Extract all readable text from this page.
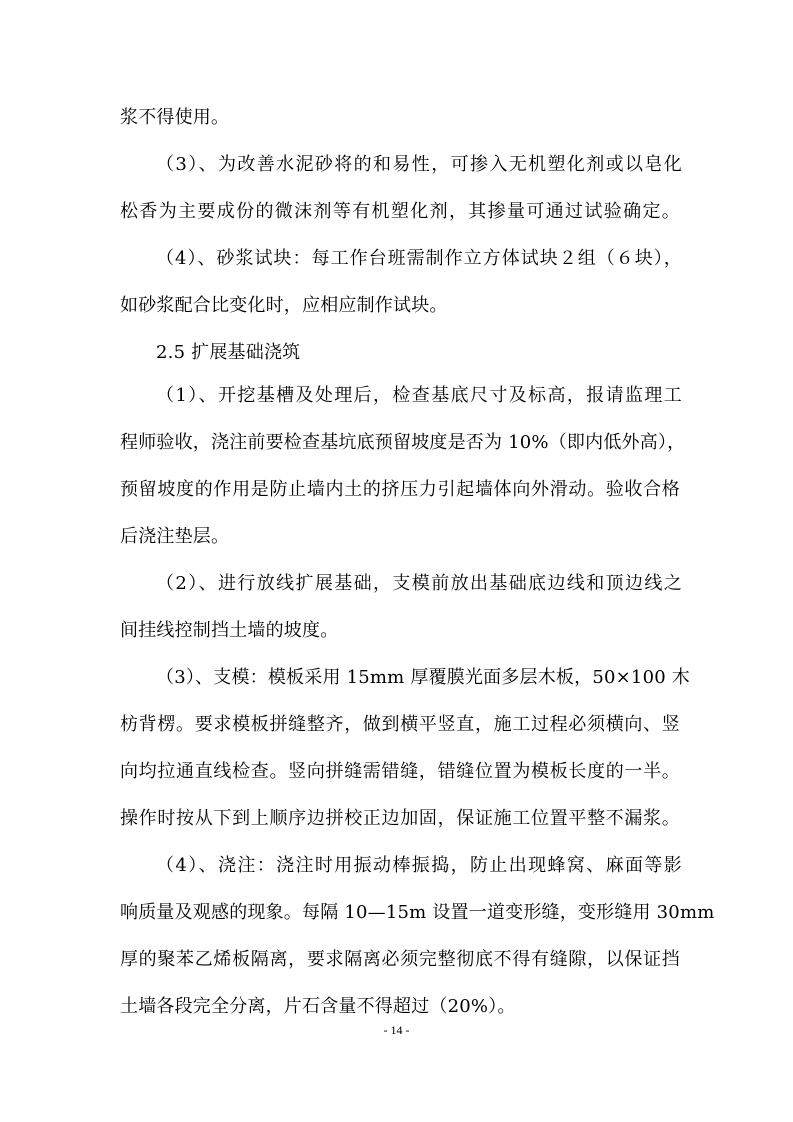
浆不得使用。
（3）、为改善水泥砂将的和易性，可掺入无机塑化剂或以皂化
松香为主要成份的微沫剂等有机塑化剂，其掺量可通过试验确定。
（4）、砂浆试块：每工作台班需制作立方体试块２组（６块），
如砂浆配合比变化时，应相应制作试块。
2.5 扩展基础浇筑
（1）、开挖基槽及处理后，检查基底尺寸及标高，报请监理工
程师验收，浇注前要检查基坑底预留坡度是否为 10%（即内低外高），
预留坡度的作用是防止墙内土的挤压力引起墙体向外滑动。验收合格
后浇注垫层。
（2）、进行放线扩展基础，支模前放出基础底边线和顶边线之
间挂线控制挡土墙的坡度。
（3）、支模：模板采用 15mm 厚覆膜光面多层木板，50×100 木
枋背楞。要求模板拼缝整齐，做到横平竖直，施工过程必须横向、竖
向均拉通直线检查。竖向拼缝需错缝，错缝位置为模板长度的一半。
操作时按从下到上顺序边拼校正边加固，保证施工位置平整不漏浆。
（4）、浇注：浇注时用振动棒振捣，防止出现蜂窝、麻面等影
响质量及观感的现象。每隔 10—15m 设置一道变形缝，变形缝用 30mm
厚的聚苯乙烯板隔离，要求隔离必须完整彻底不得有缝隙，以保证挡
土墙各段完全分离，片石含量不得超过（20%）。
- 14 -
